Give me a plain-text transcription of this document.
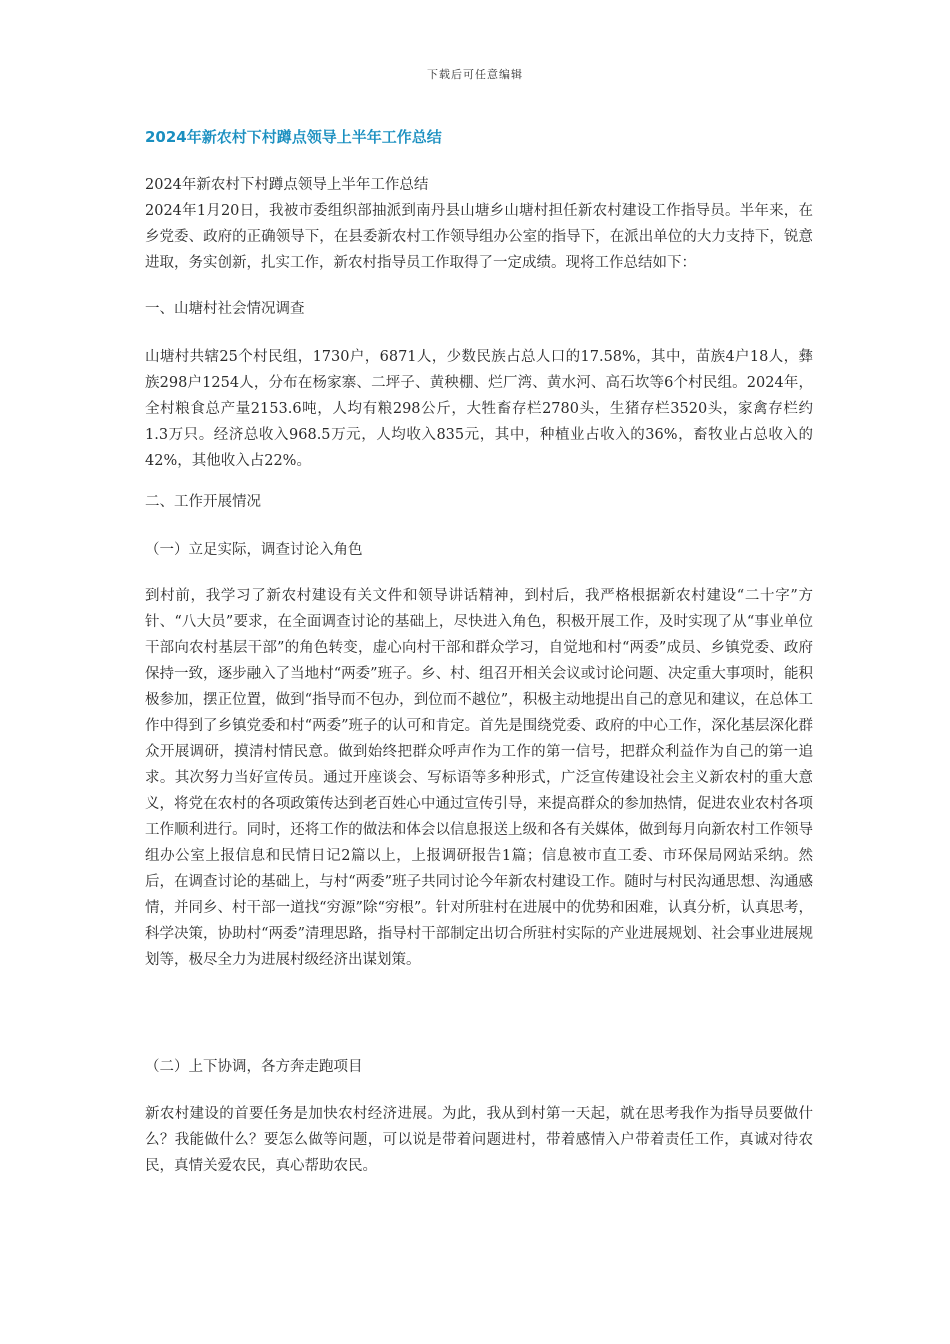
下载后可任意编辑
2024年新农村下村蹲点领导上半年工作总结

2024年新农村下村蹲点领导上半年工作总结

2024年1月20日，我被市委组织部抽派到南丹县山塘乡山塘村担任新农村建设工作指导员。半年来，在乡党委、政府的正确领导下，在县委新农村工作领导组办公室的指导下，在派出单位的大力支持下，锐意进取，务实创新，扎实工作，新农村指导员工作取得了一定成绩。现将工作总结如下：

一、山塘村社会情况调查
山塘村共辖25个村民组，1730户，6871人，少数民族占总人口的17.58%，其中，苗族4户18人，彝族298户1254人，分布在杨家寨、二坪子、黄秧棚、烂厂湾、黄水河、高石坎等6个村民组。2024年，全村粮食总产量2153.6吨，人均有粮298公斤，大牲畜存栏2780头，生猪存栏3520头，家禽存栏约1.3万只。经济总收入968.5万元，人均收入835元，其中，种植业占收入的36%，畜牧业占总收入的42%，其他收入占22%。
二、工作开展情况
（一）立足实际，调查讨论入角色
到村前，我学习了新农村建设有关文件和领导讲话精神，到村后，我严格根据新农村建设“二十字”方针、“八大员”要求，在全面调查讨论的基础上，尽快进入角色，积极开展工作，及时实现了从“事业单位干部向农村基层干部”的角色转变，虚心向村干部和群众学习，自觉地和村“两委”成员、乡镇党委、政府保持一致，逐步融入了当地村“两委”班子。乡、村、组召开相关会议或讨论问题、决定重大事项时，能积极参加，摆正位置，做到“指导而不包办，到位而不越位”，积极主动地提出自己的意见和建议，在总体工作中得到了乡镇党委和村“两委”班子的认可和肯定。首先是围绕党委、政府的中心工作，深化基层深化群众开展调研，摸清村情民意。做到始终把群众呼声作为工作的第一信号，把群众利益作为自己的第一追求。其次努力当好宣传员。通过开座谈会、写标语等多种形式，广泛宣传建设社会主义新农村的重大意义，将党在农村的各项政策传达到老百姓心中通过宣传引导，来提高群众的参加热情，促进农业农村各项工作顺利进行。同时，还将工作的做法和体会以信息报送上级和各有关媒体，做到每月向新农村工作领导组办公室上报信息和民情日记2篇以上，上报调研报告1篇；信息被市直工委、市环保局网站采纳。然后，在调查讨论的基础上，与村“两委”班子共同讨论今年新农村建设工作。随时与村民沟通思想、沟通感情，并同乡、村干部一道找“穷源”除“穷根”。针对所驻村在进展中的优势和困难，认真分析，认真思考，科学决策，协助村“两委”清理思路，指导村干部制定出切合所驻村实际的产业进展规划、社会事业进展规划等，极尽全力为进展村级经济出谋划策。
（二）上下协调，各方奔走跑项目
新农村建设的首要任务是加快农村经济进展。为此，我从到村第一天起，就在思考我作为指导员要做什么？我能做什么？要怎么做等问题，可以说是带着问题进村，带着感情入户带着责任工作，真诚对待农民，真情关爱农民，真心帮助农民。
